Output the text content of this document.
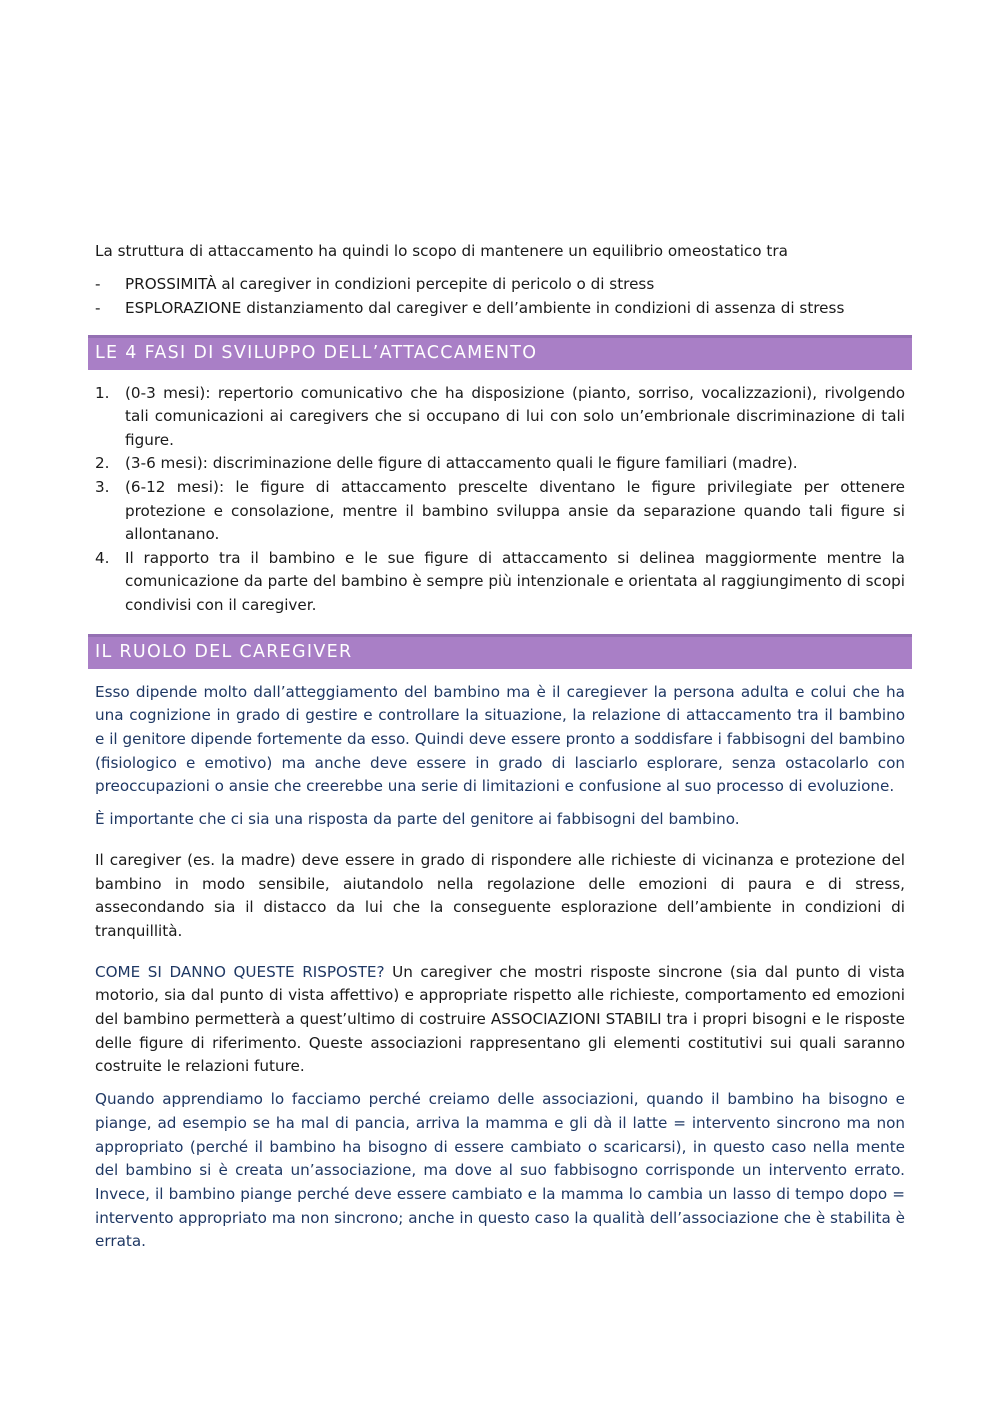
La struttura di attaccamento ha quindi lo scopo di mantenere un equilibrio omeostatico tra

- PROSSIMITÀ al caregiver in condizioni percepite di pericolo o di stress
- ESPLORAZIONE distanziamento dal caregiver e dell’ambiente in condizioni di assenza di stress
LE 4 FASI DI SVILUPPO DELL’ATTACCAMENTO
1. (0-3 mesi): repertorio comunicativo che ha disposizione (pianto, sorriso, vocalizzazioni), rivolgendo tali comunicazioni ai caregivers che si occupano di lui con solo un’embrionale discriminazione di tali figure.
2. (3-6 mesi): discriminazione delle figure di attaccamento quali le figure familiari (madre).
3. (6-12 mesi): le figure di attaccamento prescelte diventano le figure privilegiate per ottenere protezione e consolazione, mentre il bambino sviluppa ansie da separazione quando tali figure si allontanano.
4. Il rapporto tra il bambino e le sue figure di attaccamento si delinea maggiormente mentre la comunicazione da parte del bambino è sempre più intenzionale e orientata al raggiungimento di scopi condivisi con il caregiver.
IL RUOLO DEL CAREGIVER

Esso dipende molto dall’atteggiamento del bambino ma è il caregiever la persona adulta e colui che ha una cognizione in grado di gestire e controllare la situazione, la relazione di attaccamento tra il bambino e il genitore dipende fortemente da esso. Quindi deve essere pronto a soddisfare i fabbisogni del bambino (fisiologico e emotivo) ma anche deve essere in grado di lasciarlo esplorare, senza ostacolarlo con preoccupazioni o ansie che creerebbe una serie di limitazioni e confusione al suo processo di evoluzione.

È importante che ci sia una risposta da parte del genitore ai fabbisogni del bambino.

Il caregiver (es. la madre) deve essere in grado di rispondere alle richieste di vicinanza e protezione del bambino in modo sensibile, aiutandolo nella regolazione delle emozioni di paura e di stress, assecondando sia il distacco da lui che la conseguente esplorazione dell’ambiente in condizioni di tranquillità.

COME SI DANNO QUESTE RISPOSTE? Un caregiver che mostri risposte sincrone (sia dal punto di vista motorio, sia dal punto di vista affettivo) e appropriate rispetto alle richieste, comportamento ed emozioni del bambino permetterà a quest’ultimo di costruire ASSOCIAZIONI STABILI tra i propri bisogni e le risposte delle figure di riferimento. Queste associazioni rappresentano gli elementi costitutivi sui quali saranno costruite le relazioni future.

Quando apprendiamo lo facciamo perché creiamo delle associazioni, quando il bambino ha bisogno e piange, ad esempio se ha mal di pancia, arriva la mamma e gli dà il latte = intervento sincrono ma non appropriato (perché il bambino ha bisogno di essere cambiato o scaricarsi), in questo caso nella mente del bambino si è creata un’associazione, ma dove al suo fabbisogno corrisponde un intervento errato. Invece, il bambino piange perché deve essere cambiato e la mamma lo cambia un lasso di tempo dopo = intervento appropriato ma non sincrono; anche in questo caso la qualità dell’associazione che è stabilita è errata.
